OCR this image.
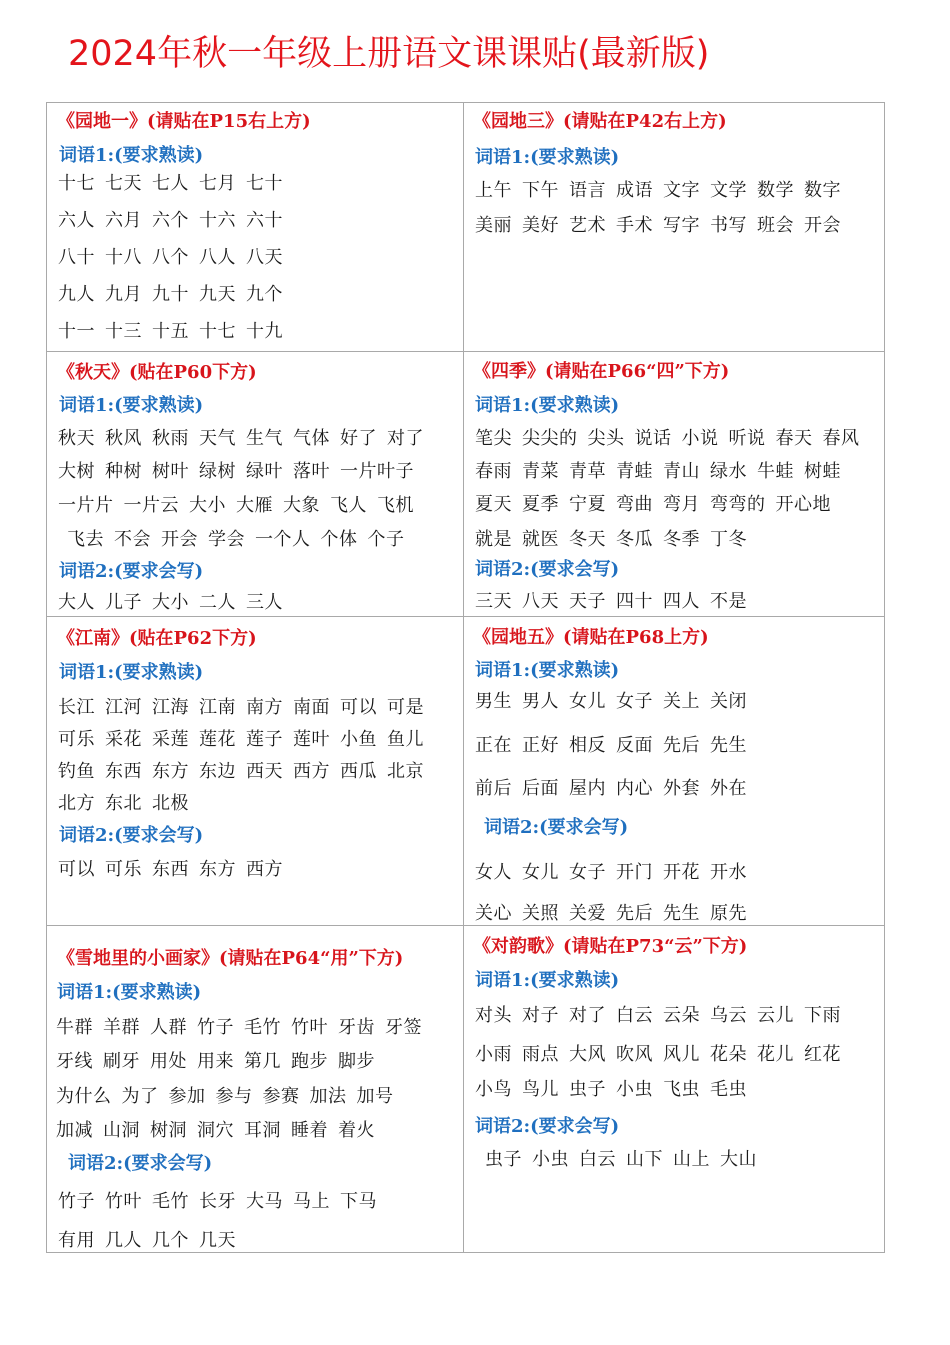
2024年秋一年级上册语文课课贴(最新版)
《园地一》(请贴在P15右上方)
词语1:(要求熟读)
十七 七天 七人 七月 七十
六人 六月 六个 十六 六十
八十 十八 八个 八人 八天
九人 九月 九十 九天 九个
十一 十三 十五 十七 十九
《园地三》(请贴在P42右上方)
词语1:(要求熟读)
上午 下午 语言 成语 文字 文学 数学 数字
美丽 美好 艺术 手术 写字 书写 班会 开会
《秋天》(贴在P60下方)
词语1:(要求熟读)
秋天 秋风 秋雨 天气 生气 气体 好了 对了
大树 种树 树叶 绿树 绿叶 落叶 一片叶子
一片片 一片云 大小 大雁 大象 飞人 飞机
飞去 不会 开会 学会 一个人 个体 个子
词语2:(要求会写)
大人 儿子 大小 二人 三人
《四季》(请贴在P66“四”下方)
词语1:(要求熟读)
笔尖 尖尖的 尖头 说话 小说 听说 春天 春风
春雨 青菜 青草 青蛙 青山 绿水 牛蛙 树蛙
夏天 夏季 宁夏 弯曲 弯月 弯弯的 开心地
就是 就医 冬天 冬瓜 冬季 丁冬
词语2:(要求会写)
三天 八天 天子 四十 四人 不是
《江南》(贴在P62下方)
词语1:(要求熟读)
长江 江河 江海 江南 南方 南面 可以 可是
可乐 采花 采莲 莲花 莲子 莲叶 小鱼 鱼儿
钓鱼 东西 东方 东边 西天 西方 西瓜 北京
北方 东北 北极
词语2:(要求会写)
可以 可乐 东西 东方 西方
《园地五》(请贴在P68上方)
词语1:(要求熟读)
男生 男人 女儿 女子 关上 关闭
正在 正好 相反 反面 先后 先生
前后 后面 屋内 内心 外套 外在
词语2:(要求会写)
女人 女儿 女子 开门 开花 开水
关心 关照 关爱 先后 先生 原先
《雪地里的小画家》(请贴在P64“用”下方)
词语1:(要求熟读)
牛群 羊群 人群 竹子 毛竹 竹叶 牙齿 牙签
牙线 刷牙 用处 用来 第几 跑步 脚步
为什么 为了 参加 参与 参赛 加法 加号
加减 山洞 树洞 洞穴 耳洞 睡着 着火
词语2:(要求会写)
竹子 竹叶 毛竹 长牙 大马 马上 下马
有用 几人 几个 几天
《对韵歌》(请贴在P73“云”下方)
词语1:(要求熟读)
对头 对子 对了 白云 云朵 乌云 云儿 下雨
小雨 雨点 大风 吹风 风儿 花朵 花儿 红花
小鸟 鸟儿 虫子 小虫 飞虫 毛虫
词语2:(要求会写)
虫子 小虫 白云 山下 山上 大山
